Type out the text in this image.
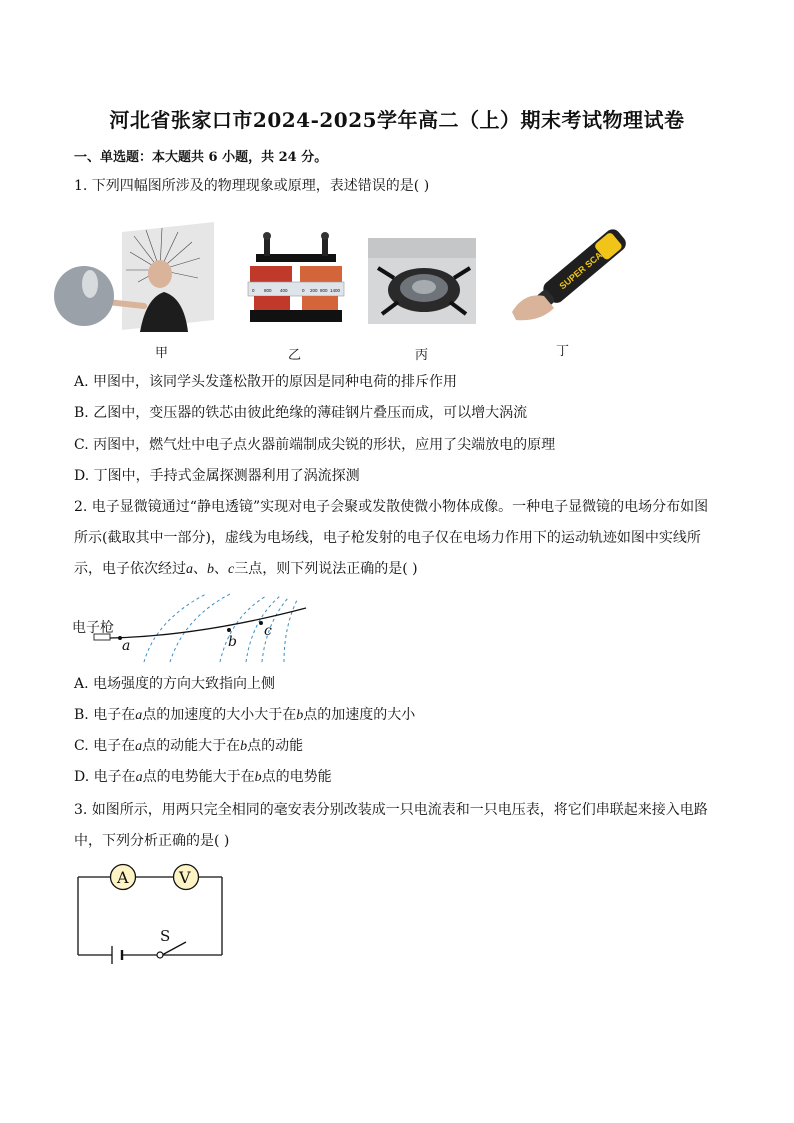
河北省张家口市2024-2025学年高二（上）期末考试物理试卷
一、单选题：本大题共 6 小题，共 24 分。
1. 下列四幅图所涉及的物理现象或原理，表述错误的是( )
甲
0 800 400	0 200 800 1400
乙	丙
SUPER SCANN
丁
A. 甲图中，该同学头发蓬松散开的原因是同种电荷的排斥作用
B. 乙图中，变压器的铁芯由彼此绝缘的薄硅钢片叠压而成，可以增大涡流
C. 丙图中，燃气灶中电子点火器前端制成尖锐的形状，应用了尖端放电的原理
D. 丁图中，手持式金属探测器利用了涡流探测
2. 电子显微镜通过“静电透镜”实现对电子会聚或发散使微小物体成像。一种电子显微镜的电场分布如图
所示(截取其中一部分)，虚线为电场线，电子枪发射的电子仅在电场力作用下的运动轨迹如图中实线所
示，电子依次经过a、b、c三点，则下列说法正确的是( )
电子枪
a	b
c
A. 电场强度的方向大致指向上侧
B. 电子在a点的加速度的大小大于在b点的加速度的大小
C. 电子在a点的动能大于在b点的动能
D. 电子在a点的电势能大于在b点的电势能
3. 如图所示，用两只完全相同的毫安表分别改装成一只电流表和一只电压表，将它们串联起来接入电路
中，下列分析正确的是( )
A	V
S
